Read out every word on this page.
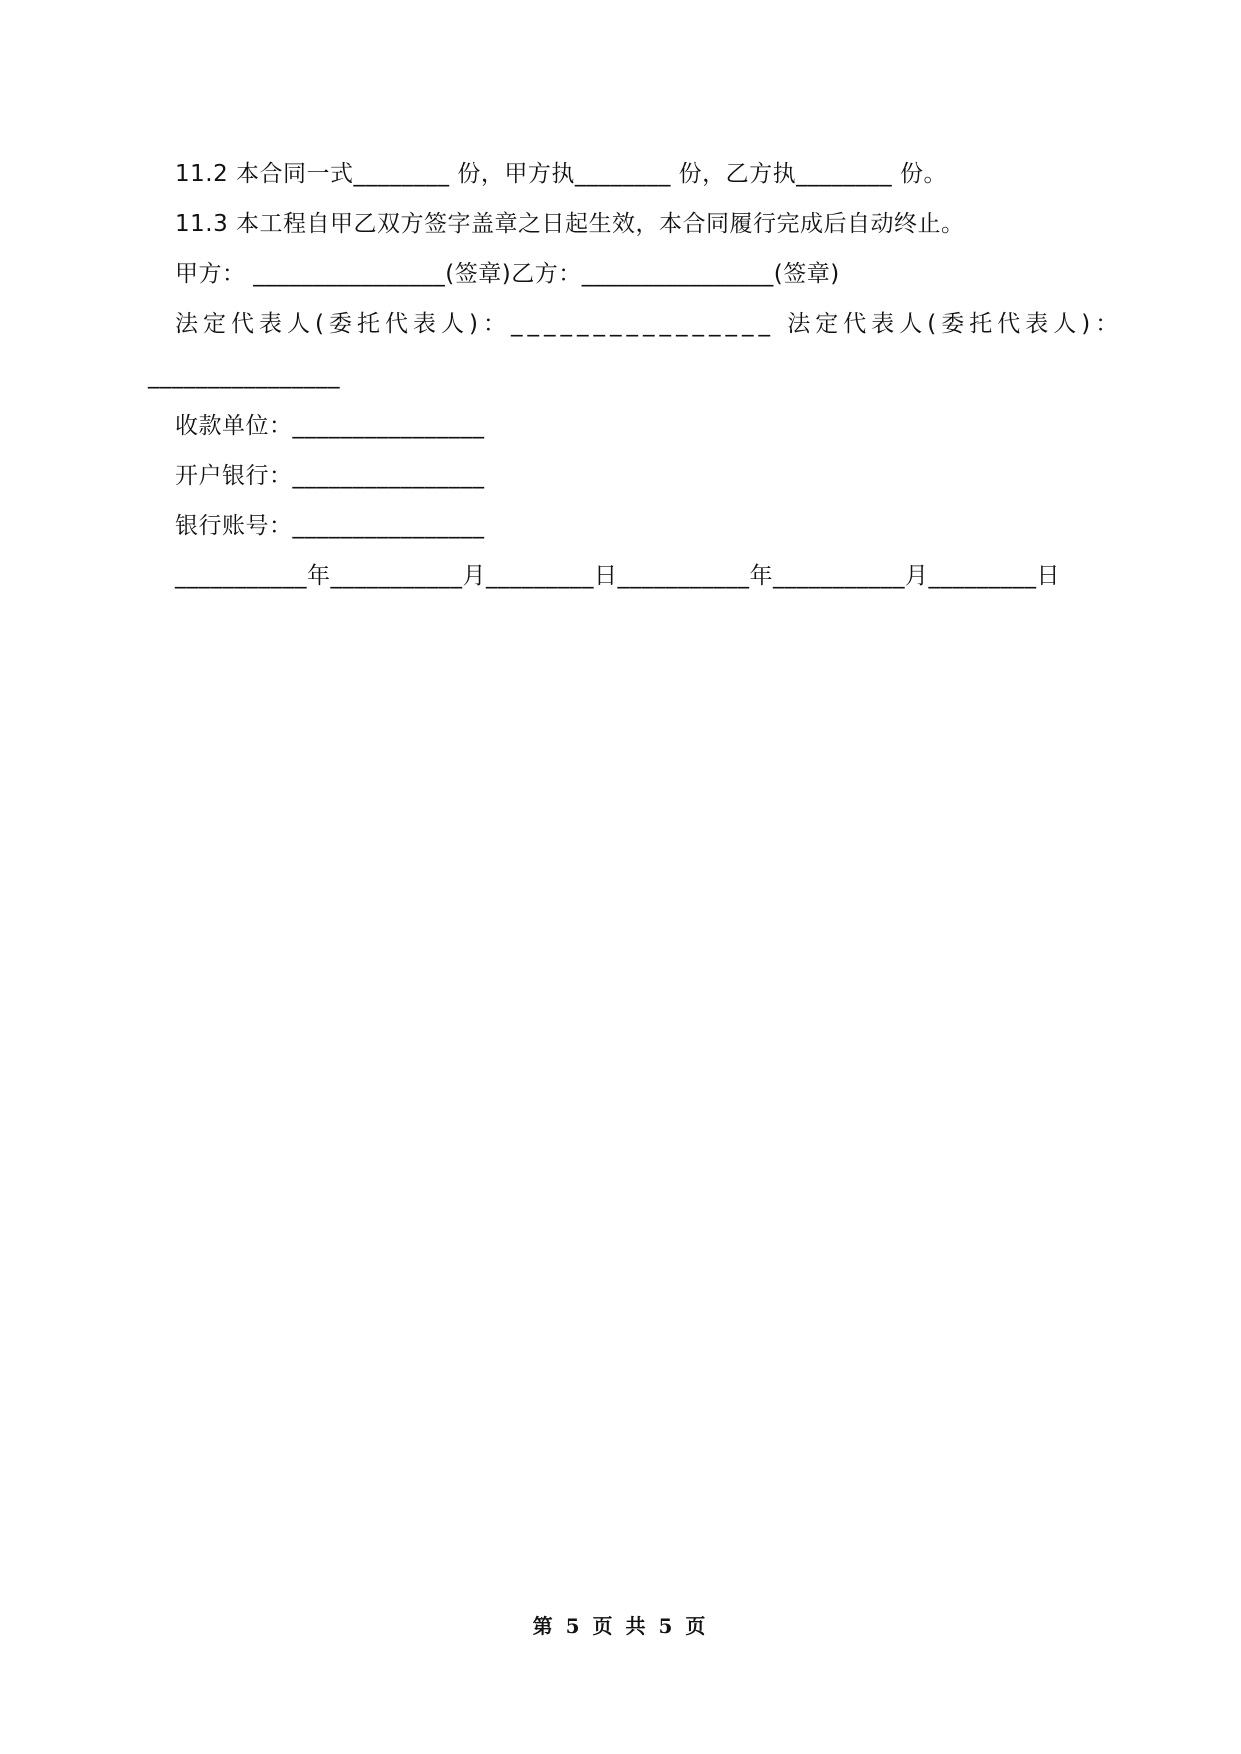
11.2 本合同一式________ 份，甲方执________ 份，乙方执________ 份。
11.3 本工程自甲乙双方签字盖章之日起生效，本合同履行完成后自动终止。
甲方： ________________(签章)乙方：________________(签章)
法定代表人(委托代表人)：________________ 法定代表人(委托代表人)：
________________
收款单位：________________
开户银行：________________
银行账号：________________
___________年___________月_________日___________年___________月_________日
第 5 页 共 5 页
